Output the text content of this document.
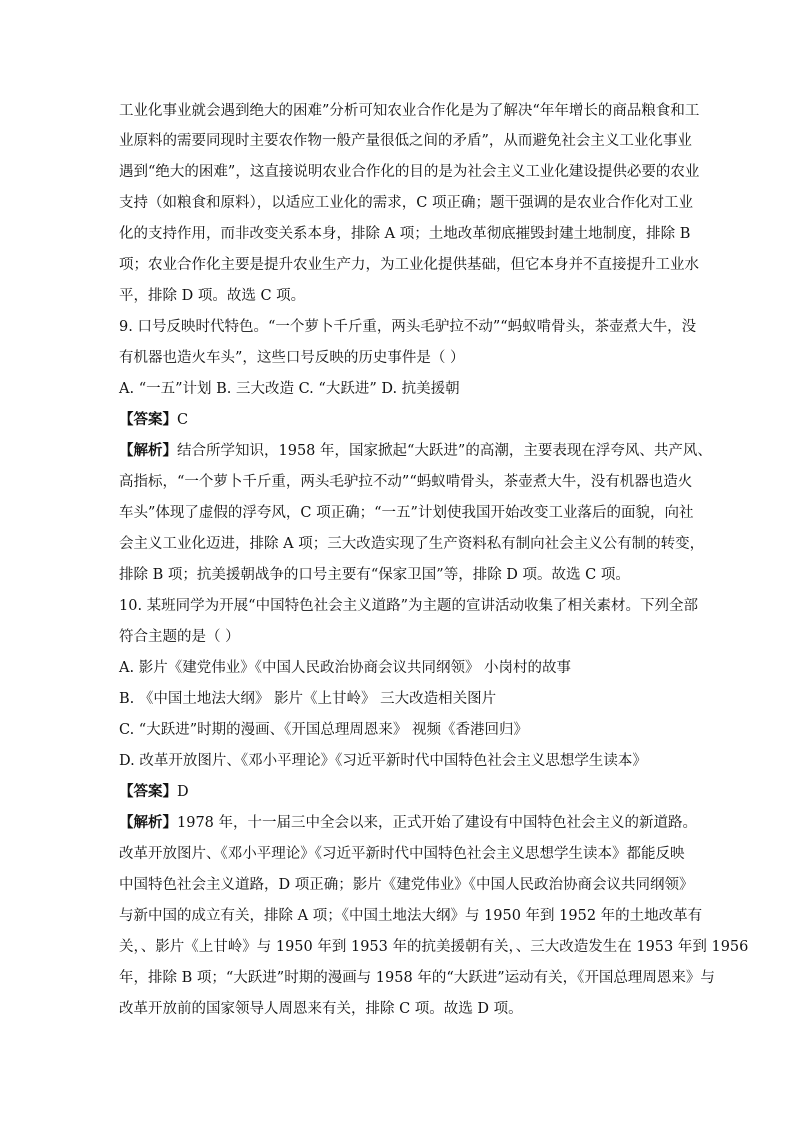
工业化事业就会遇到绝大的困难”分析可知农业合作化是为了解决“年年增长的商品粮食和工
业原料的需要同现时主要农作物一般产量很低之间的矛盾”，从而避免社会主义工业化事业
遇到“绝大的困难”，这直接说明农业合作化的目的是为社会主义工业化建设提供必要的农业
支持（如粮食和原料），以适应工业化的需求，C 项正确；题干强调的是农业合作化对工业
化的支持作用，而非改变关系本身，排除 A 项；土地改革彻底摧毁封建土地制度，排除 B
项；农业合作化主要是提升农业生产力，为工业化提供基础，但它本身并不直接提升工业水
平，排除 D 项。故选 C 项。
9. 口号反映时代特色。“一个萝卜千斤重，两头毛驴拉不动”“蚂蚁啃骨头，茶壶煮大牛，没
有机器也造火车头”，这些口号反映的历史事件是（ ）
A. “一五”计划 B. 三大改造 C. “大跃进” D. 抗美援朝
【答案】C
【解析】结合所学知识，1958 年，国家掀起“大跃进”的高潮，主要表现在浮夸风、共产风、
高指标，“一个萝卜千斤重，两头毛驴拉不动”“蚂蚁啃骨头，茶壶煮大牛，没有机器也造火
车头”体现了虚假的浮夸风，C 项正确；“一五”计划使我国开始改变工业落后的面貌，向社
会主义工业化迈进，排除 A 项；三大改造实现了生产资料私有制向社会主义公有制的转变，
排除 B 项；抗美援朝战争的口号主要有“保家卫国”等，排除 D 项。故选 C 项。
10. 某班同学为开展“中国特色社会主义道路”为主题的宣讲活动收集了相关素材。下列全部
符合主题的是（ ）
A. 影片《建党伟业》《中国人民政治协商会议共同纲领》 小岗村的故事
B. 《中国土地法大纲》 影片《上甘岭》 三大改造相关图片
C. “大跃进”时期的漫画、《开国总理周恩来》 视频《香港回归》
D. 改革开放图片、《邓小平理论》《习近平新时代中国特色社会主义思想学生读本》
【答案】D
【解析】1978 年，十一届三中全会以来，正式开始了建设有中国特色社会主义的新道路。
改革开放图片、《邓小平理论》《习近平新时代中国特色社会主义思想学生读本》都能反映
中国特色社会主义道路，D 项正确；影片《建党伟业》《中国人民政治协商会议共同纲领》
与新中国的成立有关，排除 A 项；《中国土地法大纲》与 1950 年到 1952 年的土地改革有
关，、影片《上甘岭》与 1950 年到 1953 年的抗美援朝有关，、三大改造发生在 1953 年到 1956
年，排除 B 项；“大跃进”时期的漫画与 1958 年的“大跃进”运动有关，《开国总理周恩来》与
改革开放前的国家领导人周恩来有关，排除 C 项。故选 D 项。
